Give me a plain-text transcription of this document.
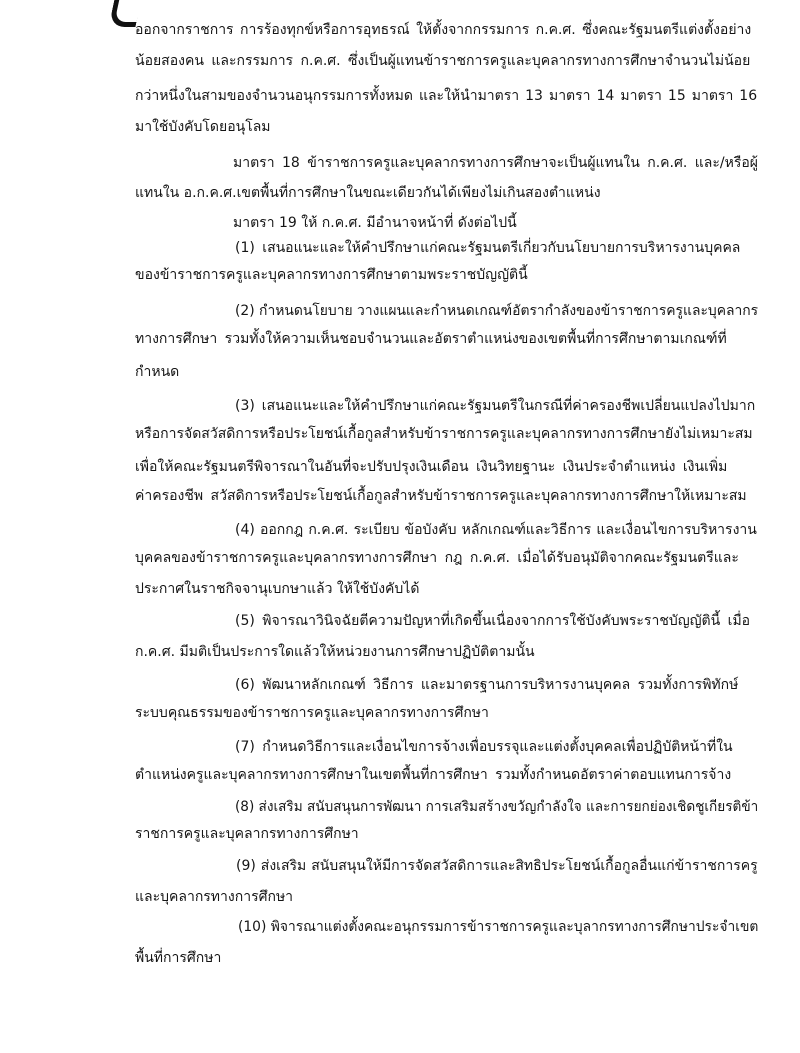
ออกจากราชการ การร้องทุกข์หรือการอุทธรณ์ ให้ตั้งจากกรรมการ ก.ค.ศ. ซึ่งคณะรัฐมนตรีแต่งตั้งอย่าง
น้อยสองคน และกรรมการ ก.ค.ศ. ซึ่งเป็นผู้แทนข้าราชการครูและบุคลากรทางการศึกษาจำนวนไม่น้อย
กว่าหนึ่งในสามของจำนวนอนุกรรมการทั้งหมด และให้นำมาตรา 13 มาตรา 14 มาตรา 15 มาตรา 16
มาใช้บังคับโดยอนุโลม
มาตรา 18 ข้าราชการครูและบุคลากรทางการศึกษาจะเป็นผู้แทนใน ก.ค.ศ. และ/หรือผู้
แทนใน อ.ก.ค.ศ.เขตพื้นที่การศึกษาในขณะเดียวกันได้เพียงไม่เกินสองตำแหน่ง
มาตรา 19 ให้ ก.ค.ศ. มีอำนาจหน้าที่ ดังต่อไปนี้
(1) เสนอแนะและให้คำปรึกษาแก่คณะรัฐมนตรีเกี่ยวกับนโยบายการบริหารงานบุคคล
ของข้าราชการครูและบุคลากรทางการศึกษาตามพระราชบัญญัตินี้
(2) กำหนดนโยบาย วางแผนและกำหนดเกณฑ์อัตรากำลังของข้าราชการครูและบุคลากร
ทางการศึกษา รวมทั้งให้ความเห็นชอบจำนวนและอัตราตำแหน่งของเขตพื้นที่การศึกษาตามเกณฑ์ที่
กำหนด
(3) เสนอแนะและให้คำปรึกษาแก่คณะรัฐมนตรีในกรณีที่ค่าครองชีพเปลี่ยนแปลงไปมาก
หรือการจัดสวัสดิการหรือประโยชน์เกื้อกูลสำหรับข้าราชการครูและบุคลากรทางการศึกษายังไม่เหมาะสม
เพื่อให้คณะรัฐมนตรีพิจารณาในอันที่จะปรับปรุงเงินเดือน เงินวิทยฐานะ เงินประจำตำแหน่ง เงินเพิ่ม
ค่าครองชีพ สวัสดิการหรือประโยชน์เกื้อกูลสำหรับข้าราชการครูและบุคลากรทางการศึกษาให้เหมาะสม
(4) ออกกฎ ก.ค.ศ. ระเบียบ ข้อบังคับ หลักเกณฑ์และวิธีการ และเงื่อนไขการบริหารงาน
บุคคลของข้าราชการครูและบุคลากรทางการศึกษา กฎ ก.ค.ศ. เมื่อได้รับอนุมัติจากคณะรัฐมนตรีและ
ประกาศในราชกิจจานุเบกษาแล้ว ให้ใช้บังคับได้
(5) พิจารณาวินิจฉัยตีความปัญหาที่เกิดขึ้นเนื่องจากการใช้บังคับพระราชบัญญัตินี้ เมื่อ
ก.ค.ศ. มีมติเป็นประการใดแล้วให้หน่วยงานการศึกษาปฏิบัติตามนั้น
(6) พัฒนาหลักเกณฑ์ วิธีการ และมาตรฐานการบริหารงานบุคคล รวมทั้งการพิทักษ์
ระบบคุณธรรมของข้าราชการครูและบุคลากรทางการศึกษา
(7) กำหนดวิธีการและเงื่อนไขการจ้างเพื่อบรรจุและแต่งตั้งบุคคลเพื่อปฏิบัติหน้าที่ใน
ตำแหน่งครูและบุคลากรทางการศึกษาในเขตพื้นที่การศึกษา รวมทั้งกำหนดอัตราค่าตอบแทนการจ้าง
(8) ส่งเสริม สนับสนุนการพัฒนา การเสริมสร้างขวัญกำลังใจ และการยกย่องเชิดชูเกียรติข้า
ราชการครูและบุคลากรทางการศึกษา
(9) ส่งเสริม สนับสนุนให้มีการจัดสวัสดิการและสิทธิประโยชน์เกื้อกูลอื่นแก่ข้าราชการครู
และบุคลากรทางการศึกษา
(10) พิจารณาแต่งตั้งคณะอนุกรรมการข้าราชการครูและบุลากรทางการศึกษาประจำเขต
พื้นที่การศึกษา
